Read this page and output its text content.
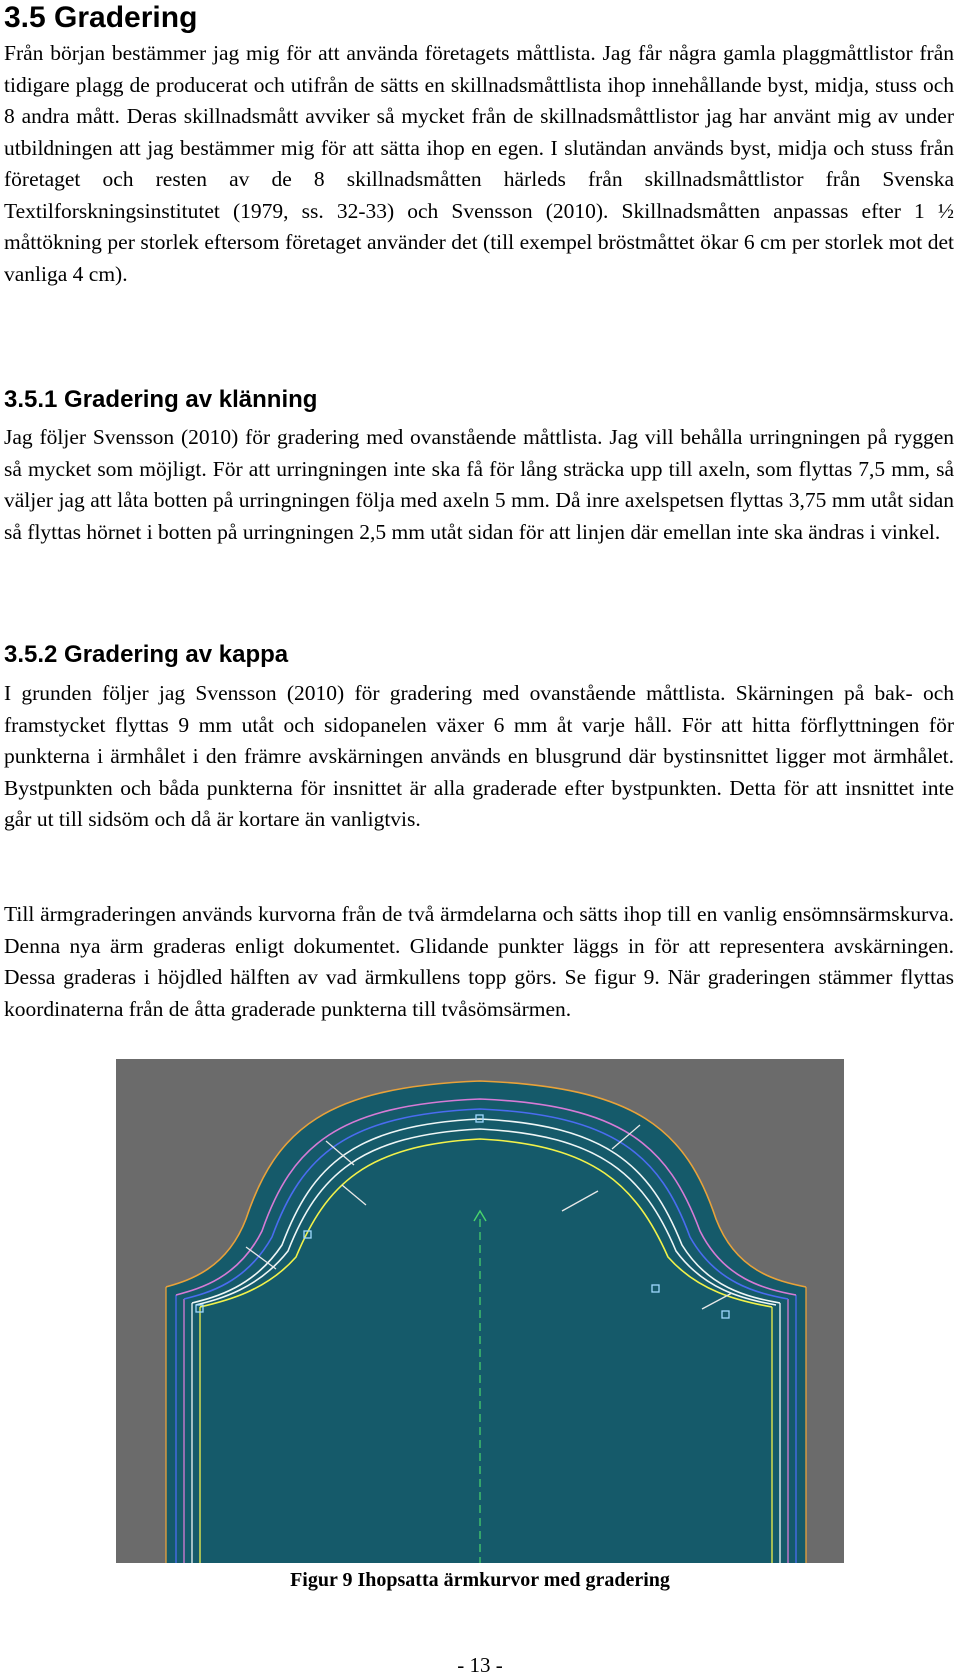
3.5 Gradering

Från början bestämmer jag mig för att använda företagets måttlista. Jag får några gamla plaggmåttlistor från tidigare plagg de producerat och utifrån de sätts en skillnadsmåttlista ihop innehållande byst, midja, stuss och 8 andra mått. Deras skillnadsmått avviker så mycket från de skillnadsmåttlistor jag har använt mig av under utbildningen att jag bestämmer mig för att sätta ihop en egen. I slutändan används byst, midja och stuss från företaget och resten av de 8 skillnadsmåtten härleds från skillnadsmåttlistor från Svenska Textilforskningsinstitutet (1979, ss. 32-33) och Svensson (2010). Skillnadsmåtten anpassas efter 1 ½ måttökning per storlek eftersom företaget använder det (till exempel bröstmåttet ökar 6 cm per storlek mot det vanliga 4 cm).

3.5.1 Gradering av klänning

Jag följer Svensson (2010) för gradering med ovanstående måttlista. Jag vill behålla urringningen på ryggen så mycket som möjligt. För att urringningen inte ska få för lång sträcka upp till axeln, som flyttas 7,5 mm, så väljer jag att låta botten på urringningen följa med axeln 5 mm. Då inre axelspetsen flyttas 3,75 mm utåt sidan så flyttas hörnet i botten på urringningen 2,5 mm utåt sidan för att linjen där emellan inte ska ändras i vinkel.

3.5.2 Gradering av kappa

I grunden följer jag Svensson (2010) för gradering med ovanstående måttlista. Skärningen på bak- och framstycket flyttas 9 mm utåt och sidopanelen växer 6 mm åt varje håll. För att hitta förflyttningen för punkterna i ärmhålet i den främre avskärningen används en blusgrund där bystinsnittet ligger mot ärmhålet. Bystpunkten och båda punkterna för insnittet är alla graderade efter bystpunkten. Detta för att insnittet inte går ut till sidsöm och då är kortare än vanligtvis.

Till ärmgraderingen används kurvorna från de två ärmdelarna och sätts ihop till en vanlig ensömnsärmskurva. Denna nya ärm graderas enligt dokumentet. Glidande punkter läggs in för att representera avskärningen. Dessa graderas i höjdled hälften av vad ärmkullens topp görs. Se figur 9. När graderingen stämmer flyttas koordinaterna från de åtta graderade punkterna till tvåsömsärmen.

Figur 9 Ihopsatta ärmkurvor med gradering
- 13 -
